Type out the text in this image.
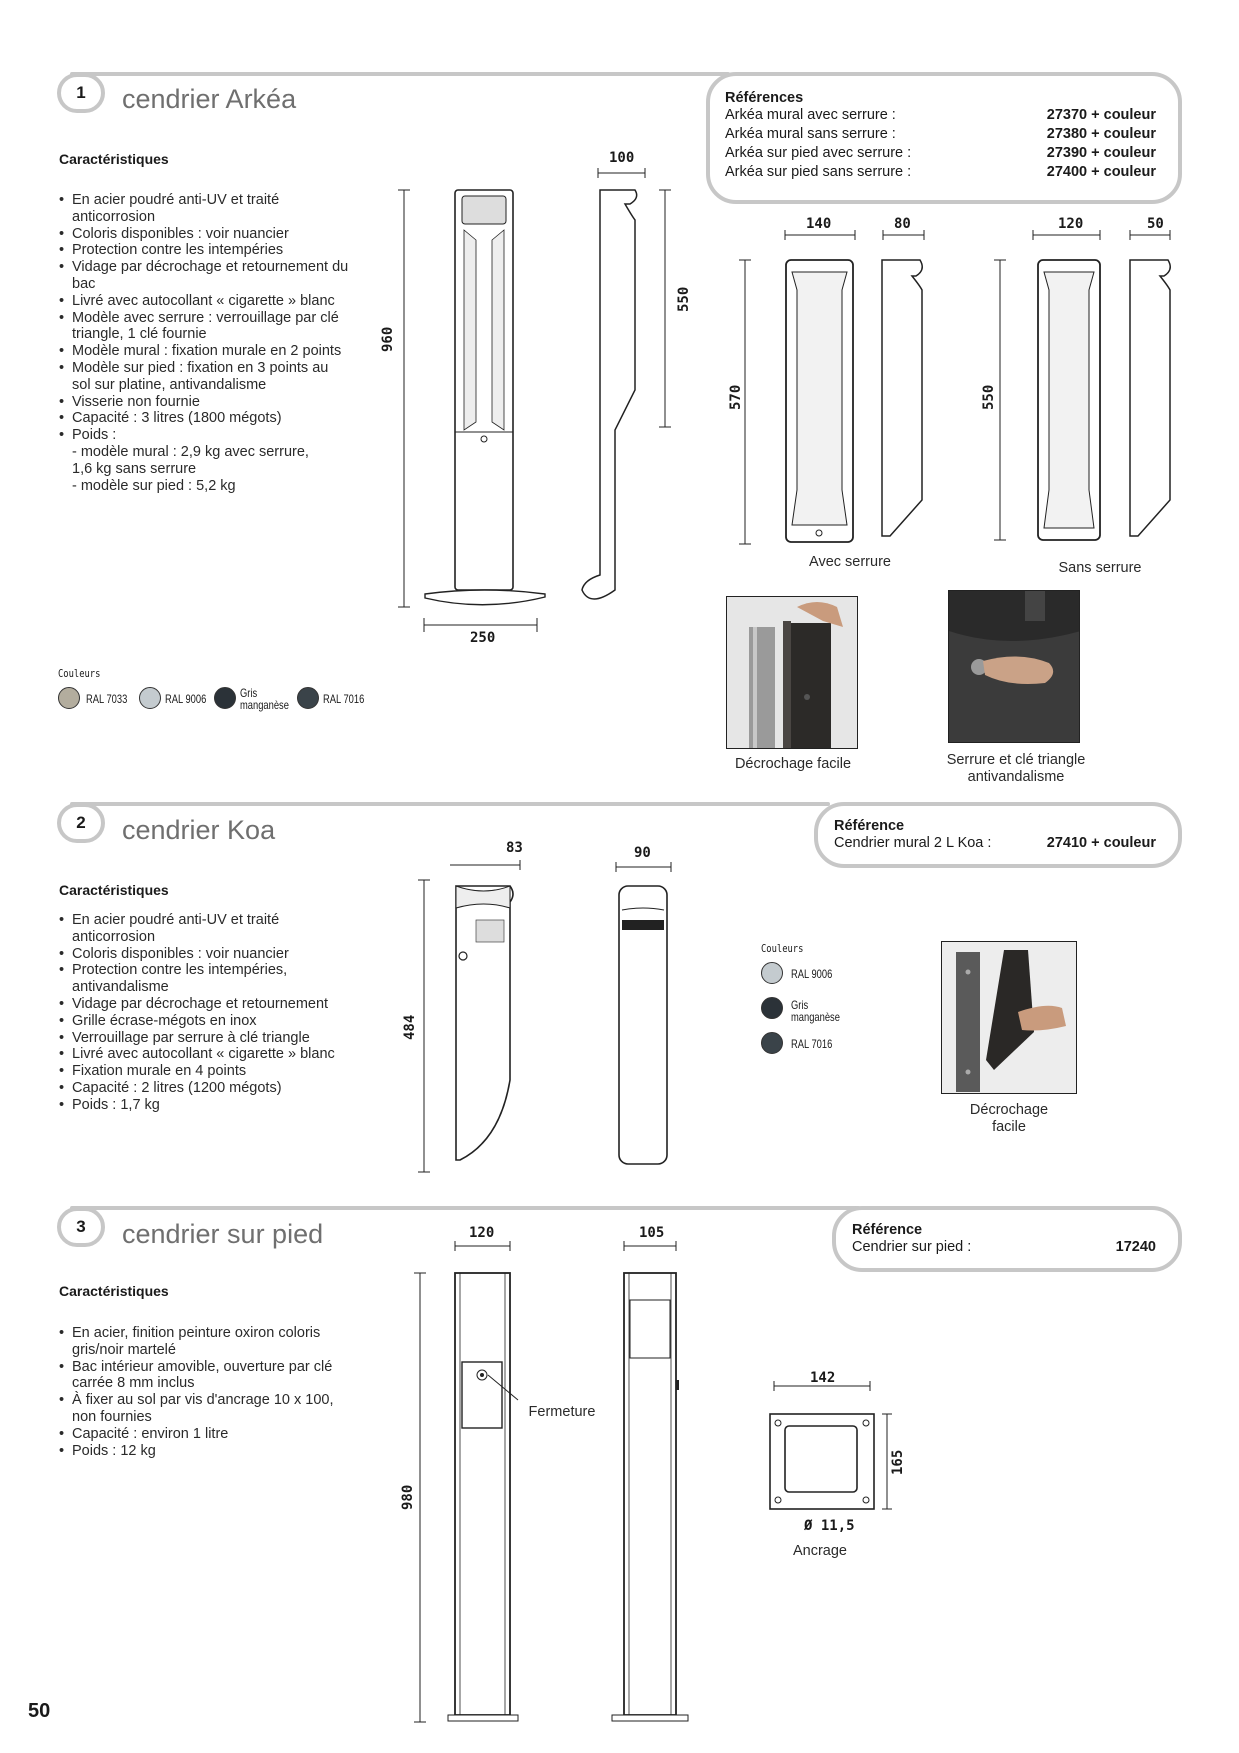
1	cendrier Arkéa
Caractéristiques
• En acier poudré anti-UV et traité anticorrosion
• Coloris disponibles : voir nuancier
• Protection contre les intempéries
• Vidage par décrochage et retournement du bac
• Livré avec autocollant « cigarette » blanc
• Modèle avec serrure : verrouillage par clé triangle, 1 clé fournie
• Modèle mural : fixation murale en 2 points
• Modèle sur pied : fixation en 3 points au sol sur platine, antivandalisme
• Visserie non fournie
• Capacité : 3 litres (1800 mégots)
• Poids :
- modèle mural : 2,9 kg avec serrure,
1,6 kg sans serrure
- modèle sur pied : 5,2 kg
Références
Arkéa mural avec serrure :	27370 + couleur
Arkéa mural sans serrure :	27380 + couleur
Arkéa sur pied avec serrure :	27390 + couleur
Arkéa sur pied sans serrure :	27400 + couleur
960
250
100
550
140	80
570
Avec serrure
120	50
550
Sans serrure
Décrochage facile	Serrure et clé triangle
antivandalisme
Couleurs
RAL 7033	RAL 9006	Gris manganèse	RAL 7016
2	cendrier Koa
Caractéristiques
• En acier poudré anti-UV et traité anticorrosion
• Coloris disponibles : voir nuancier
• Protection contre les intempéries, antivandalisme
• Vidage par décrochage et retournement
• Grille écrase-mégots en inox
• Verrouillage par serrure à clé triangle
• Livré avec autocollant « cigarette » blanc
• Fixation murale en 4 points
• Capacité : 2 litres (1200 mégots)
• Poids : 1,7 kg
Référence
Cendrier mural 2 L Koa :	27410 + couleur
83
484
90
Couleurs
RAL 9006
Gris manganèse
RAL 7016
Décrochage
facile
3	cendrier sur pied
Caractéristiques
• En acier, finition peinture oxiron coloris gris/noir martelé
• Bac intérieur amovible, ouverture par clé carrée 8 mm inclus
• À fixer au sol par vis d'ancrage 10 x 100, non fournies
• Capacité : environ 1 litre
• Poids : 12 kg
Référence
Cendrier sur pied :	17240
120
980
Fermeture
105
142
165
Ø 11,5
Ancrage
50
